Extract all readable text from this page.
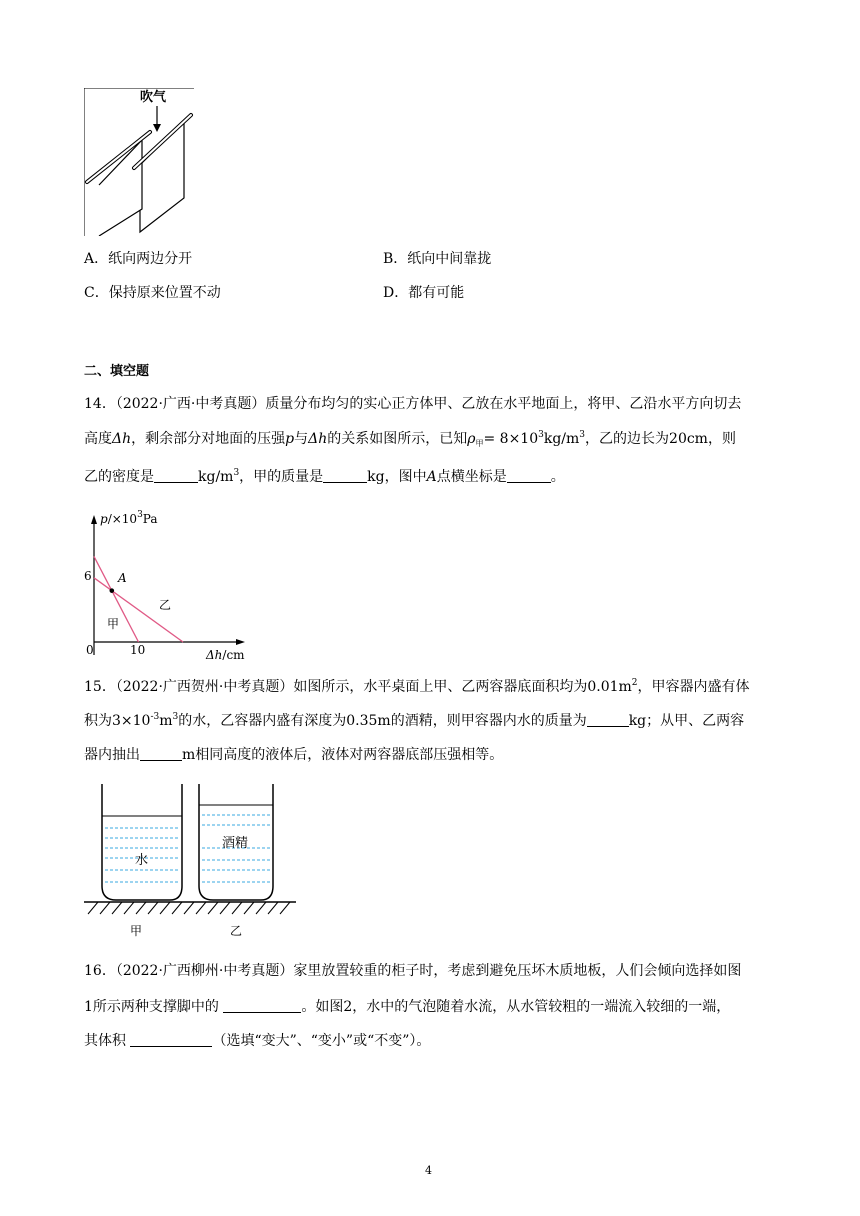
吹气
A．纸向两边分开	B．纸向中间靠拢
C．保持原来位置不动	D．都有可能
二、填空题
14．（2022·广西·中考真题）质量分布均匀的实心正方体甲、乙放在水平地面上，将甲、乙沿水平方向切去
高度Δh，剩余部分对地面的压强p与Δh的关系如图所示，已知$\rho_甲= 8\times 10^3kg/m^3$，乙的边长为20cm，则
乙的密度是	$kg/m^3$，甲的质量是	kg，图中A点横坐标是	。
$p/\times 10^3Pa$
Δh/cm
6
10
0
A
甲
乙
15．（2022·广西贺州·中考真题）如图所示，水平桌面上甲、乙两容器底面积均为$0.01m^2$，甲容器内盛有体
积为$3\times 10^{-3}m^3$的水，乙容器内盛有深度为0.35m的酒精，则甲容器内水的质量为	kg；从甲、乙两容
器内抽出	m相同高度的液体后，液体对两容器底部压强相等。
水
酒精
甲	乙
16．（2022·广西柳州·中考真题）家里放置较重的柜子时，考虑到避免压坏木质地板，人们会倾向选择如图
1所示两种支撑脚中的	。如图2，水中的气泡随着水流，从水管较粗的一端流入较细的一端，
其体积	（选填“变大”、“变小”或“不变”）。
4
